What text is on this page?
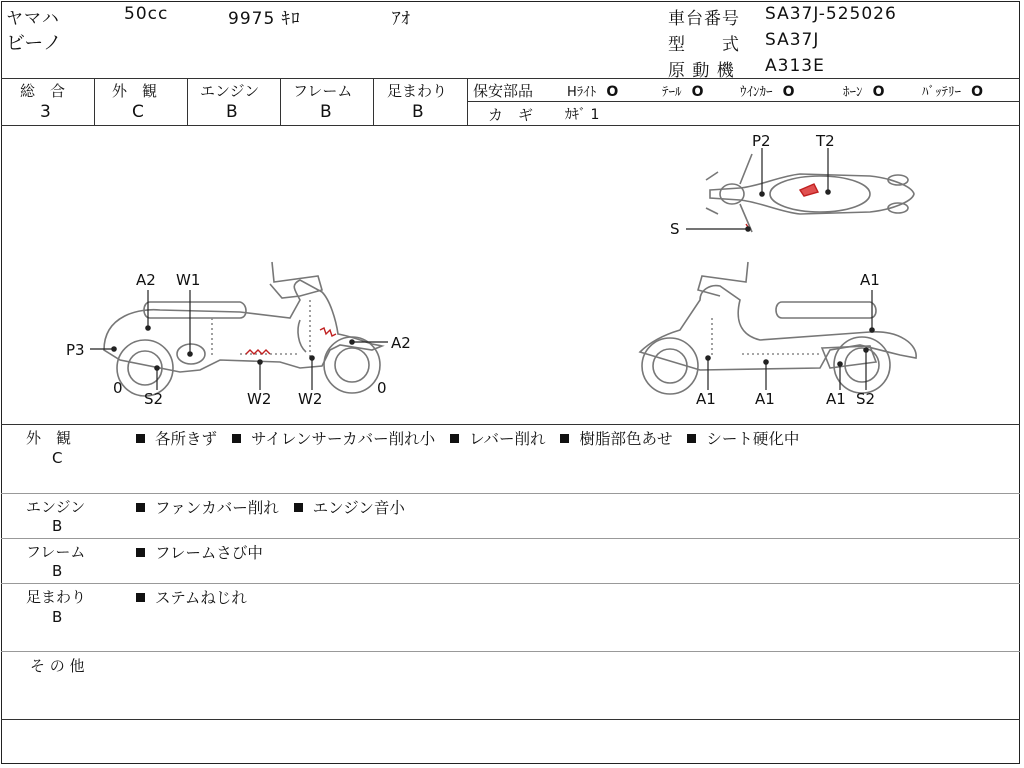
ヤマハ	50cc	9975 ｷﾛ	ｱｵ
ビーノ
車台番号 SA37J-525026
型　　式 SA37J
原 動 機 A313E
総　合	外　観	エンジン フレーム 足まわり
3	C	B	B	B
保安部品	Hﾗｲﾄ O	ﾃｰﾙ O	ｳｲﾝｶｰ O	ﾎｰﾝ O	ﾊﾞｯﾃﾘｰ O
カ　ギ ｶｷﾞ 1
A2 W1
P3
0
S2	W2 W2
A2
0
P2	T2
S
A1
A1	A1	A1 S2
外　観
C
各所きず サイレンサーカバー削れ小 レバー削れ 樹脂部色あせ シート硬化中
エンジン
B
ファンカバー削れ エンジン音小
フレーム
B
フレームさび中
足まわり
B
ステムねじれ
そ の 他
